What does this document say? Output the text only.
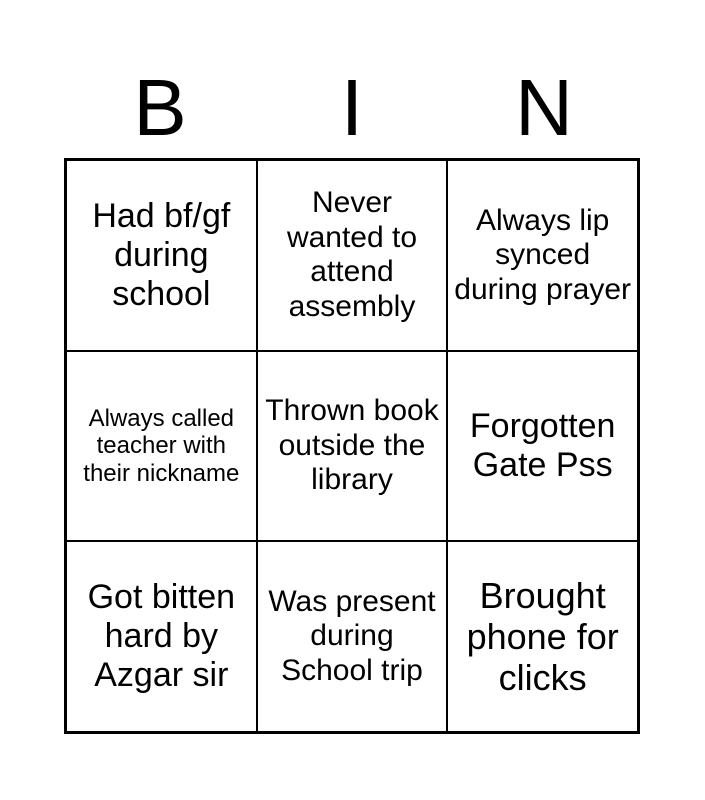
B	I	N
Had bf/gf during school
Never wanted to attend assembly
Always lip synced during prayer
Always called teacher with their nickname
Thrown book outside the library
Forgotten Gate Pss
Got bitten hard by Azgar sir
Was present during School trip
Brought phone for clicks
